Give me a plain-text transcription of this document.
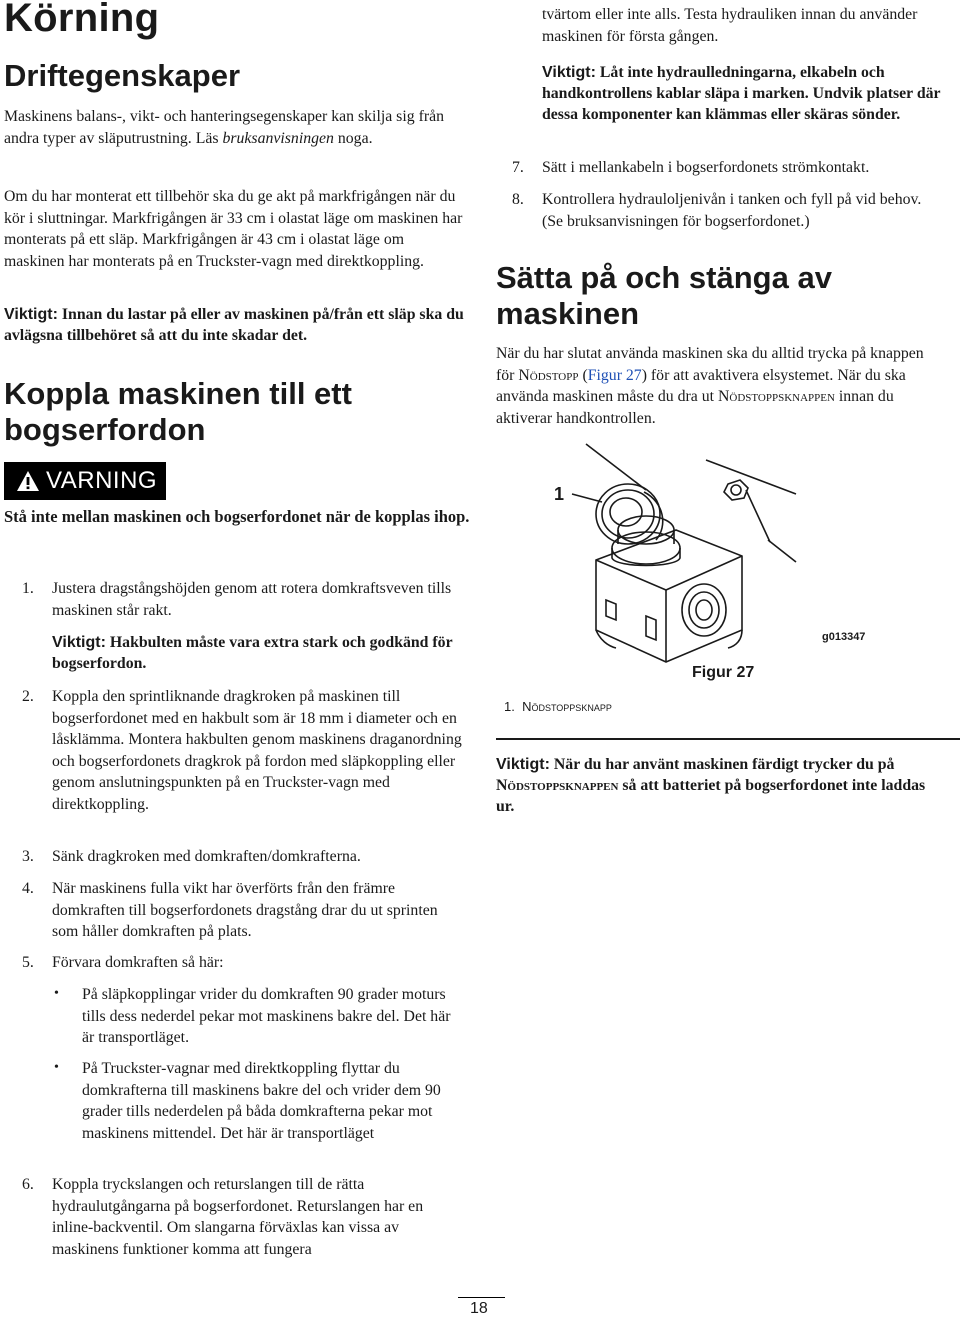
Körning
Driftegenskaper

Maskinens balans-, vikt- och hanteringsegenskaper kan skilja sig från andra typer av släputrustning. Läs bruksanvisningen noga.

Om du har monterat ett tillbehör ska du ge akt på markfrigången när du kör i sluttningar. Markfrigången är 33 cm i olastat läge om maskinen har monterats på ett släp. Markfrigången är 43 cm i olastat läge om maskinen har monterats på en Truckster-vagn med direktkoppling.

Viktigt: Innan du lastar på eller av maskinen på/från ett släp ska du avlägsna tillbehöret så att du inte skadar det.

Koppla maskinen till ett
bogserfordon
VARNING

Stå inte mellan maskinen och bogserfordonet när de kopplas ihop.

1. Justera dragstångshöjden genom att rotera domkraftsveven tills maskinen står rakt.

Viktigt: Hakbulten måste vara extra stark och godkänd för bogserfordon.

2. Koppla den sprintliknande dragkroken på maskinen till bogserfordonet med en hakbult som är 18 mm i diameter och en låsklämma. Montera hakbulten genom maskinens draganordning och bogserfordonets dragkrok på fordon med släpkoppling eller genom anslutningspunkten på en Truckster-vagn med direktkoppling.

3. Sänk dragkroken med domkraften/domkrafterna.

4. När maskinens fulla vikt har överförts från den främre domkraften till bogserfordonets dragstång drar du ut sprinten som håller domkraften på plats.

5. Förvara domkraften så här:

• På släpkopplingar vrider du domkraften 90 grader moturs tills dess nederdel pekar mot maskinens bakre del. Det här är transportläget.

• På Truckster-vagnar med direktkoppling flyttar du domkrafterna till maskinens bakre del och vrider dem 90 grader tills nederdelen på båda domkrafterna pekar mot maskinens mittendel. Det här är transportläget

6. Koppla tryckslangen och returslangen till de rätta hydraulutgångarna på bogserfordonet. Returslangen har en inline-backventil. Om slangarna förväxlas kan vissa av maskinens funktioner komma att fungera

tvärtom eller inte alls. Testa hydrauliken innan du använder maskinen för första gången.

Viktigt: Låt inte hydraulledningarna, elkabeln och handkontrollens kablar släpa i marken. Undvik platser där dessa komponenter kan klämmas eller skäras sönder.

7. Sätt i mellankabeln i bogserfordonets strömkontakt.

8. Kontrollera hydrauloljenivån i tanken och fyll på vid behov. (Se bruksanvisningen för bogserfordonet.)

Sätta på och stänga av
maskinen

När du har slutat använda maskinen ska du alltid trycka på knappen för Nödstopp (Figur 27) för att avaktivera elsystemet. När du ska använda maskinen måste du dra ut Nödstoppsknappen innan du aktiverar handkontrollen.

1
g013347
Figur 27
1. Nödstoppsknapp

Viktigt: När du har använt maskinen färdigt trycker du på Nödstoppsknappen så att batteriet på bogserfordonet inte laddas ur.

18
